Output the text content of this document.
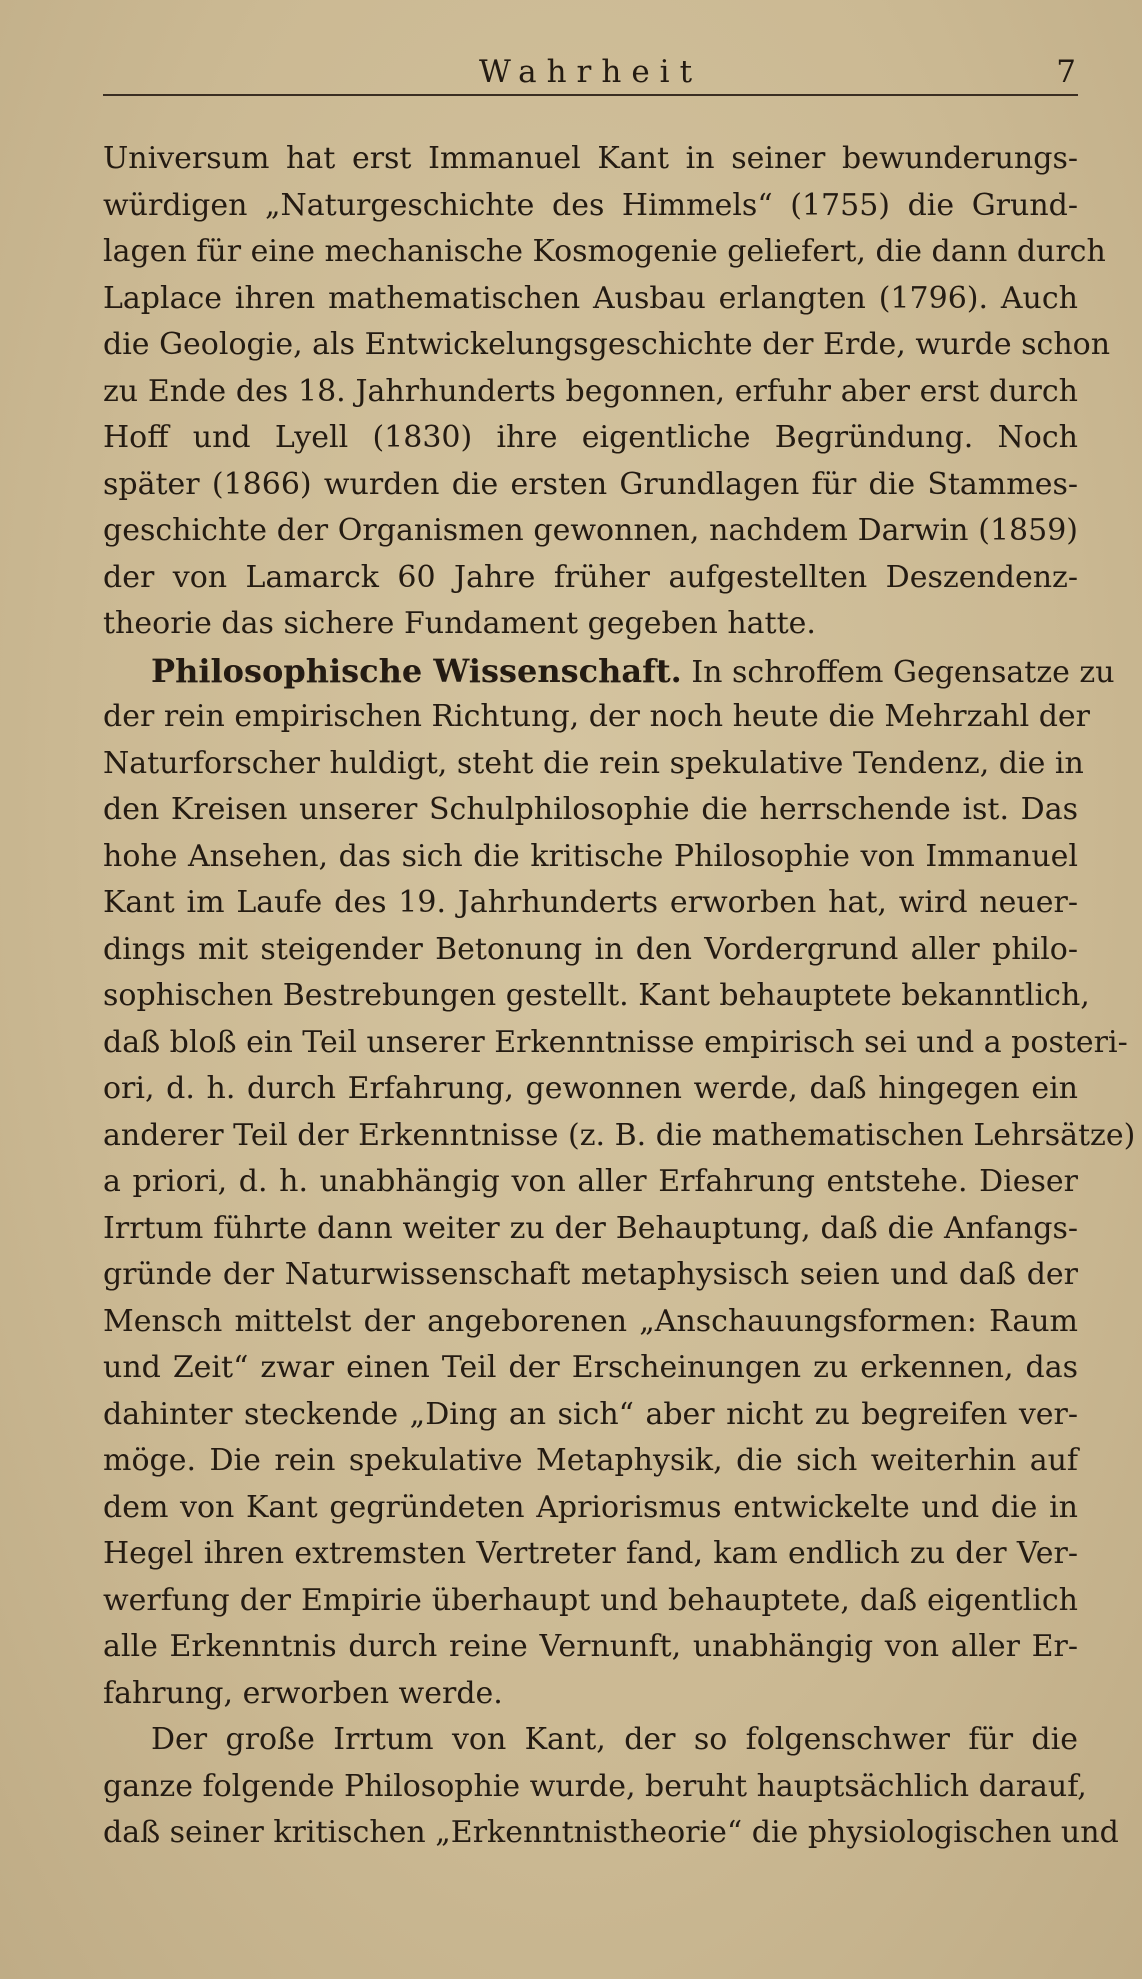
Wahrheit	7
Universum hat erst Immanuel Kant in seiner bewunderungs-
würdigen „Naturgeschichte des Himmels“ (1755) die Grund-
lagen für eine mechanische Kosmogenie geliefert, die dann durch
Laplace ihren mathematischen Ausbau erlangten (1796). Auch
die Geologie, als Entwickelungsgeschichte der Erde, wurde schon
zu Ende des 18. Jahrhunderts begonnen, erfuhr aber erst durch
Hoff und Lyell (1830) ihre eigentliche Begründung. Noch
später (1866) wurden die ersten Grundlagen für die Stammes-
geschichte der Organismen gewonnen, nachdem Darwin (1859)
der von Lamarck 60 Jahre früher aufgestellten Deszendenz-
theorie das sichere Fundament gegeben hatte.
Philosophische Wissenschaft. In schroffem Gegensatze zu
der rein empirischen Richtung, der noch heute die Mehrzahl der
Naturforscher huldigt, steht die rein spekulative Tendenz, die in
den Kreisen unserer Schulphilosophie die herrschende ist. Das
hohe Ansehen, das sich die kritische Philosophie von Immanuel
Kant im Laufe des 19. Jahrhunderts erworben hat, wird neuer-
dings mit steigender Betonung in den Vordergrund aller philo-
sophischen Bestrebungen gestellt. Kant behauptete bekanntlich,
daß bloß ein Teil unserer Erkenntnisse empirisch sei und a posteri-
ori, d. h. durch Erfahrung, gewonnen werde, daß hingegen ein
anderer Teil der Erkenntnisse (z. B. die mathematischen Lehrsätze)
a priori, d. h. unabhängig von aller Erfahrung entstehe. Dieser
Irrtum führte dann weiter zu der Behauptung, daß die Anfangs-
gründe der Naturwissenschaft metaphysisch seien und daß der
Mensch mittelst der angeborenen „Anschauungsformen: Raum
und Zeit“ zwar einen Teil der Erscheinungen zu erkennen, das
dahinter steckende „Ding an sich“ aber nicht zu begreifen ver-
möge. Die rein spekulative Metaphysik, die sich weiterhin auf
dem von Kant gegründeten Apriorismus entwickelte und die in
Hegel ihren extremsten Vertreter fand, kam endlich zu der Ver-
werfung der Empirie überhaupt und behauptete, daß eigentlich
alle Erkenntnis durch reine Vernunft, unabhängig von aller Er-
fahrung, erworben werde.
Der große Irrtum von Kant, der so folgenschwer für die
ganze folgende Philosophie wurde, beruht hauptsächlich darauf,
daß seiner kritischen „Erkenntnistheorie“ die physiologischen und
